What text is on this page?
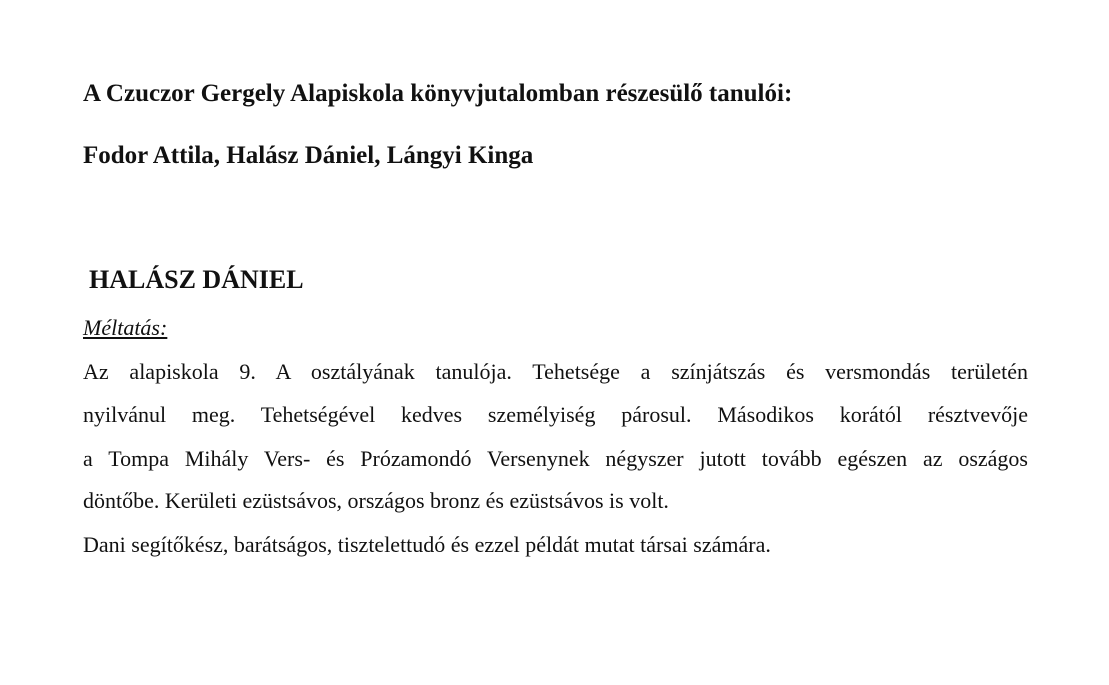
A Czuczor Gergely Alapiskola könyvjutalomban részesülő tanulói:
Fodor Attila, Halász Dániel, Lángyi Kinga
HALÁSZ DÁNIEL
Méltatás:
Az alapiskola 9. A osztályának tanulója. Tehetsége a színjátszás és versmondás területén
nyilvánul meg. Tehetségével kedves személyiség párosul. Másodikos korától résztvevője
a Tompa Mihály Vers- és Prózamondó Versenynek négyszer jutott tovább egészen az oszágos
döntőbe. Kerületi ezüstsávos, országos bronz és ezüstsávos is volt.
Dani segítőkész, barátságos, tisztelettudó és ezzel példát mutat társai számára.
